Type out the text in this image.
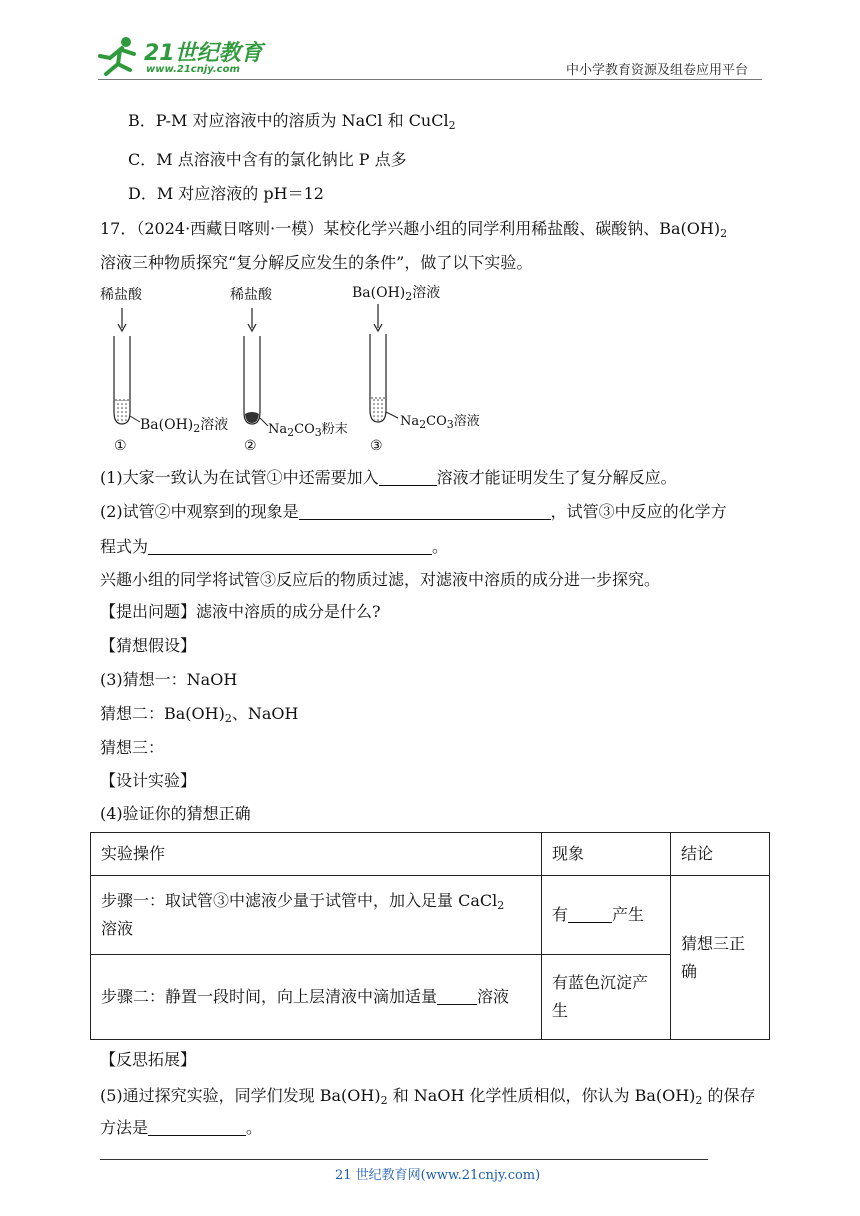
21世纪教育
www.21cnjy.com	中小学教育资源及组卷应用平台
B．P-M 对应溶液中的溶质为 NaCl 和 CuCl$_2$
C．M 点溶液中含有的氯化钠比 P 点多
D．M 对应溶液的 pH＝12
17．（2024·西藏日喀则·一模）某校化学兴趣小组的同学利用稀盐酸、碳酸钠、$Ba(OH)_2$
溶液三种物质探究“复分解反应发生的条件”，做了以下实验。
稀盐酸
$Ba(OH)_2$溶液
①
稀盐酸
$Na_2CO_3$粉末
②
$Ba(OH)_2$溶液
$Na_2CO_3$溶液
③
(1)大家一致认为在试管①中还需要加入	溶液才能证明发生了复分解反应。
(2)试管②中观察到的现象是	，试管③中反应的化学方
程式为	。
兴趣小组的同学将试管③反应后的物质过滤，对滤液中溶质的成分进一步探究。
【提出问题】滤液中溶质的成分是什么?
【猜想假设】
(3)猜想一：NaOH
猜想二：$Ba(OH)_2$、NaOH
猜想三：
【设计实验】
(4)验证你的猜想正确
实验操作	现象	结论
步骤一：取试管③中滤液少量于试管中，加入足量 CaCl$_2$
溶液	有 产生	猜想三正确
步骤二：静置一段时间，向上层清液中滴加适量 溶液	有蓝色沉淀产生	
【反思拓展】
(5)通过探究实验，同学们发现 $Ba(OH)_2$ 和 NaOH 化学性质相似，你认为 $Ba(OH)_2$ 的保存
方法是	。
21 世纪教育网(www.21cnjy.com)
